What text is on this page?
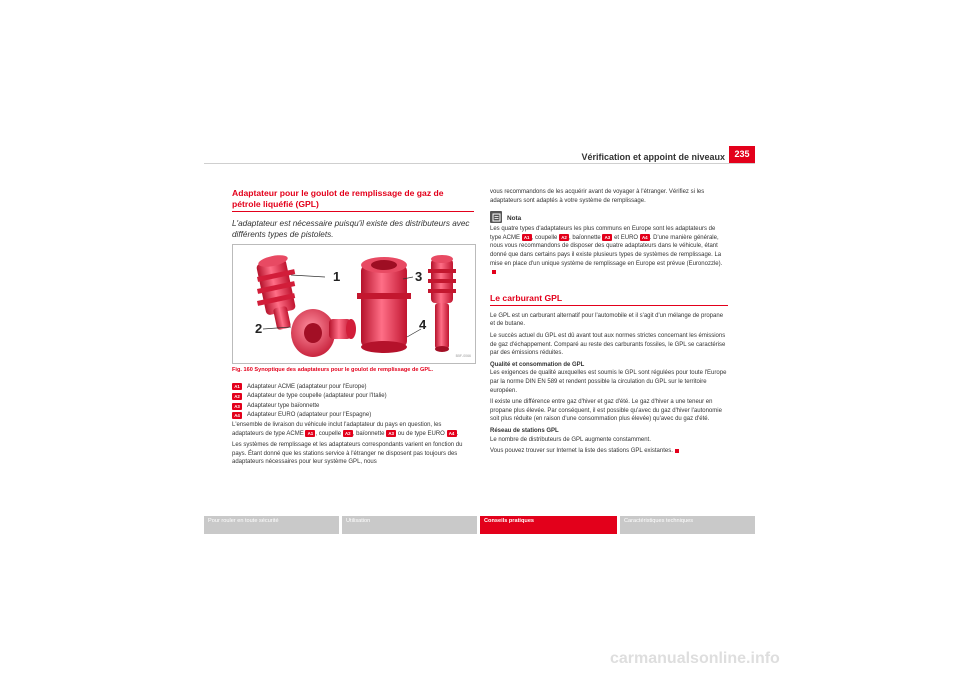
Vérification et appoint de niveaux	235
Adaptateur pour le goulot de remplissage de gaz de pétrole liquéfié (GPL)
L'adaptateur est nécessaire puisqu'il existe des distributeurs avec différents types de pistolets.
1
2
3
4
B5F-0066
Fig. 160 Synoptique des adaptateurs pour le goulot de remplissage de GPL.
A1	Adaptateur ACME (adaptateur pour l'Europe)
A2	Adaptateur de type coupelle (adaptateur pour l'Italie)
A3	Adaptateur type baïonnette
A4	Adaptateur EURO (adaptateur pour l'Espagne)

L'ensemble de livraison du véhicule inclut l'adaptateur du pays en question, les adaptateurs de type ACME A1 , coupelle A2 , baïonnette A3 ou de type EURO A4 .

Les systèmes de remplissage et les adaptateurs correspondants varient en fonction du pays. Étant donné que les stations service à l'étranger ne disposent pas toujours des adaptateurs nécessaires pour leur système GPL, nous

vous recommandons de les acquérir avant de voyager à l'étranger. Vérifiez si les adaptateurs sont adaptés à votre système de remplissage.

Nota

Les quatre types d'adaptateurs les plus communs en Europe sont les adaptateurs de type ACME A1 , coupelle A2 , baïonnette A3 et EURO A4 . D'une manière générale, nous vous recommandons de disposer des quatre adaptateurs dans le véhicule, étant donné que dans certains pays il existe plusieurs types de systèmes de remplissage. La mise en place d'un unique système de remplissage en Europe est prévue (Euronozzle).

Le carburant GPL

Le GPL est un carburant alternatif pour l'automobile et il s'agit d'un mélange de propane et de butane.

Le succès actuel du GPL est dû avant tout aux normes strictes concernant les émissions de gaz d'échappement. Comparé au reste des carburants fossiles, le GPL se caractérise par des émissions réduites.

Qualité et consommation de GPL

Les exigences de qualité auxquelles est soumis le GPL sont régulées pour toute l'Europe par la norme DIN EN 589 et rendent possible la circulation du GPL sur le territoire européen.

Il existe une différence entre gaz d'hiver et gaz d'été. Le gaz d'hiver a une teneur en propane plus élevée. Par conséquent, il est possible qu'avec du gaz d'hiver l'autonomie soit plus réduite (en raison d'une consommation plus élevée) qu'avec du gaz d'été.

Réseau de stations GPL

Le nombre de distributeurs de GPL augmente constamment.

Vous pouvez trouver sur Internet la liste des stations GPL existantes.

Pour rouler en toute sécurité	Utilisation	Conseils pratiques	Caractéristiques techniques
carmanualsonline.info
